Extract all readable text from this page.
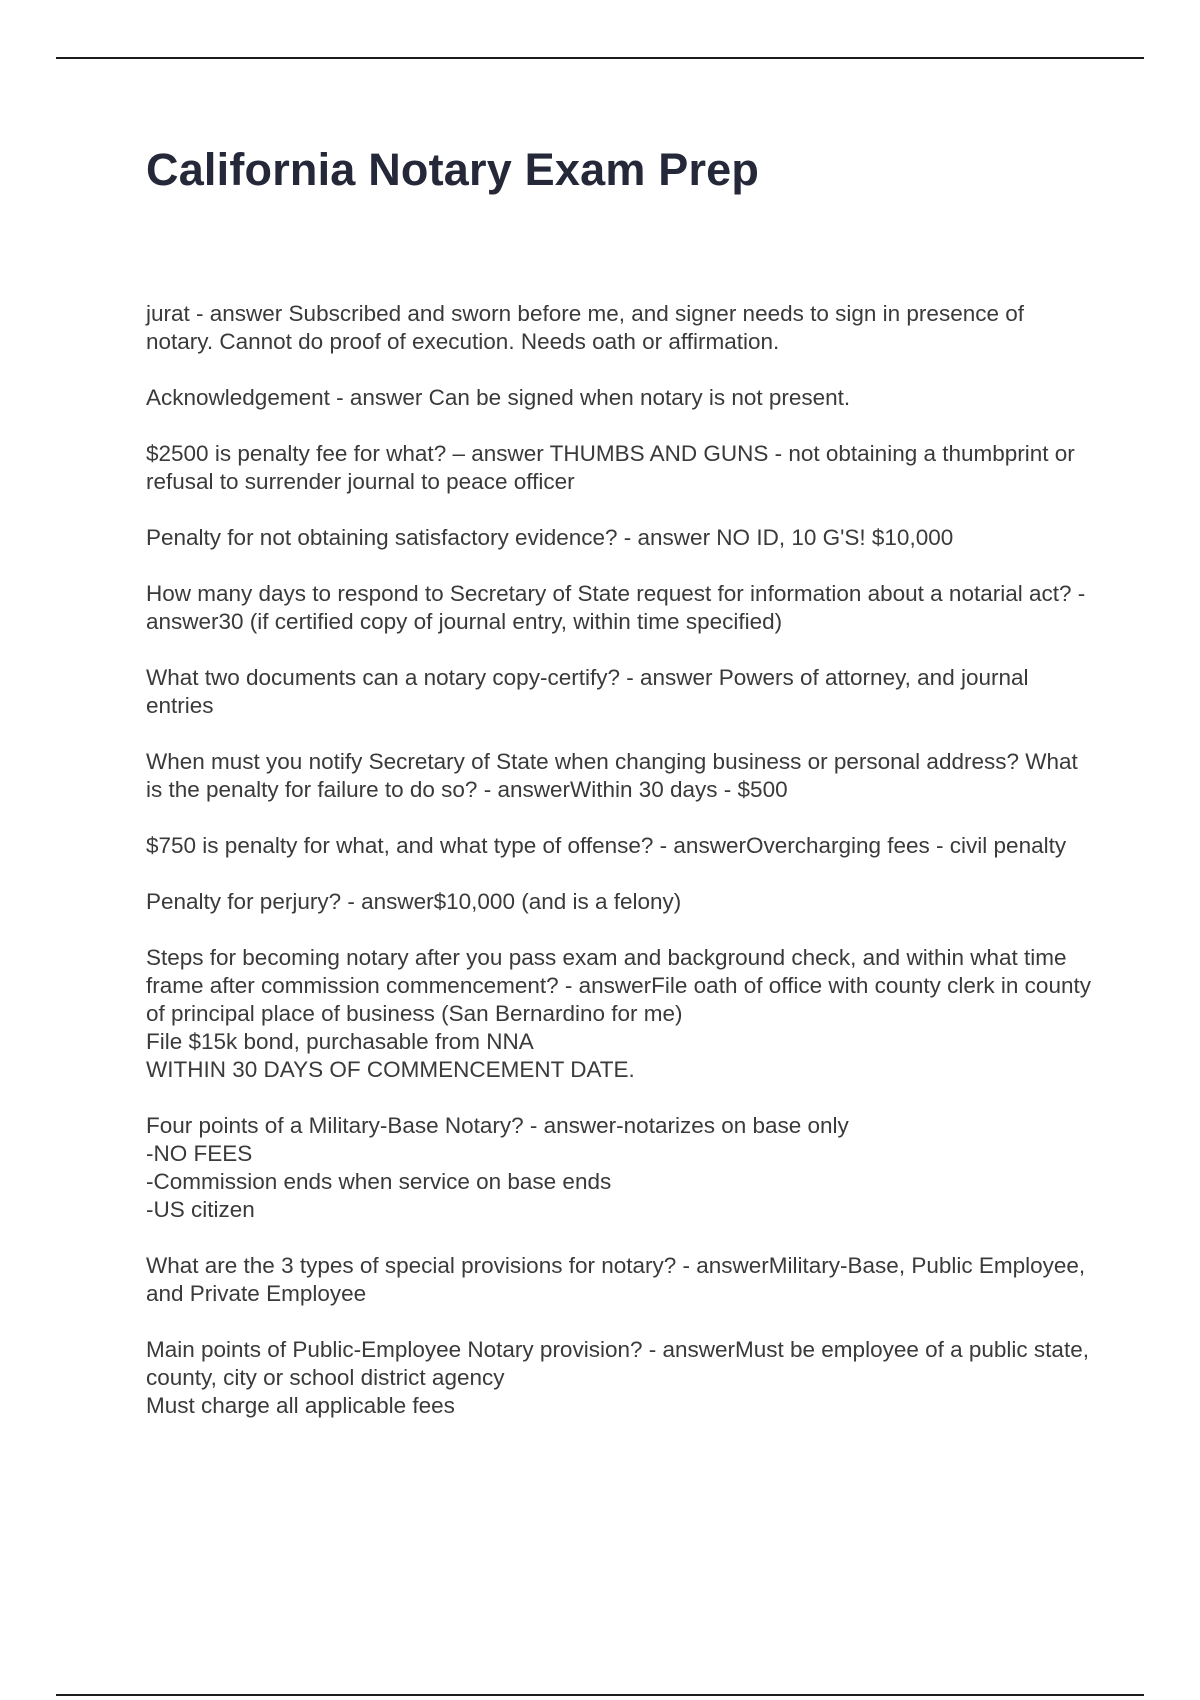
California Notary Exam Prep

jurat - answer Subscribed and sworn before me, and signer needs to sign in presence of notary. Cannot do proof of execution. Needs oath or affirmation.

Acknowledgement - answer Can be signed when notary is not present.

$2500 is penalty fee for what? – answer THUMBS AND GUNS - not obtaining a thumbprint or refusal to surrender journal to peace officer

Penalty for not obtaining satisfactory evidence? - answer NO ID, 10 G'S! $10,000

How many days to respond to Secretary of State request for information about a notarial act? - answer30 (if certified copy of journal entry, within time specified)

What two documents can a notary copy-certify? - answer Powers of attorney, and journal entries

When must you notify Secretary of State when changing business or personal address? What is the penalty for failure to do so? - answerWithin 30 days - $500

$750 is penalty for what, and what type of offense? - answerOvercharging fees - civil penalty

Penalty for perjury? - answer$10,000 (and is a felony)

Steps for becoming notary after you pass exam and background check, and within what time frame after commission commencement? - answerFile oath of office with county clerk in county of principal place of business (San Bernardino for me)
File $15k bond, purchasable from NNA
WITHIN 30 DAYS OF COMMENCEMENT DATE.

Four points of a Military-Base Notary? - answer-notarizes on base only
-NO FEES
-Commission ends when service on base ends
-US citizen

What are the 3 types of special provisions for notary? - answerMilitary-Base, Public Employee, and Private Employee

Main points of Public-Employee Notary provision? - answerMust be employee of a public state, county, city or school district agency
Must charge all applicable fees
